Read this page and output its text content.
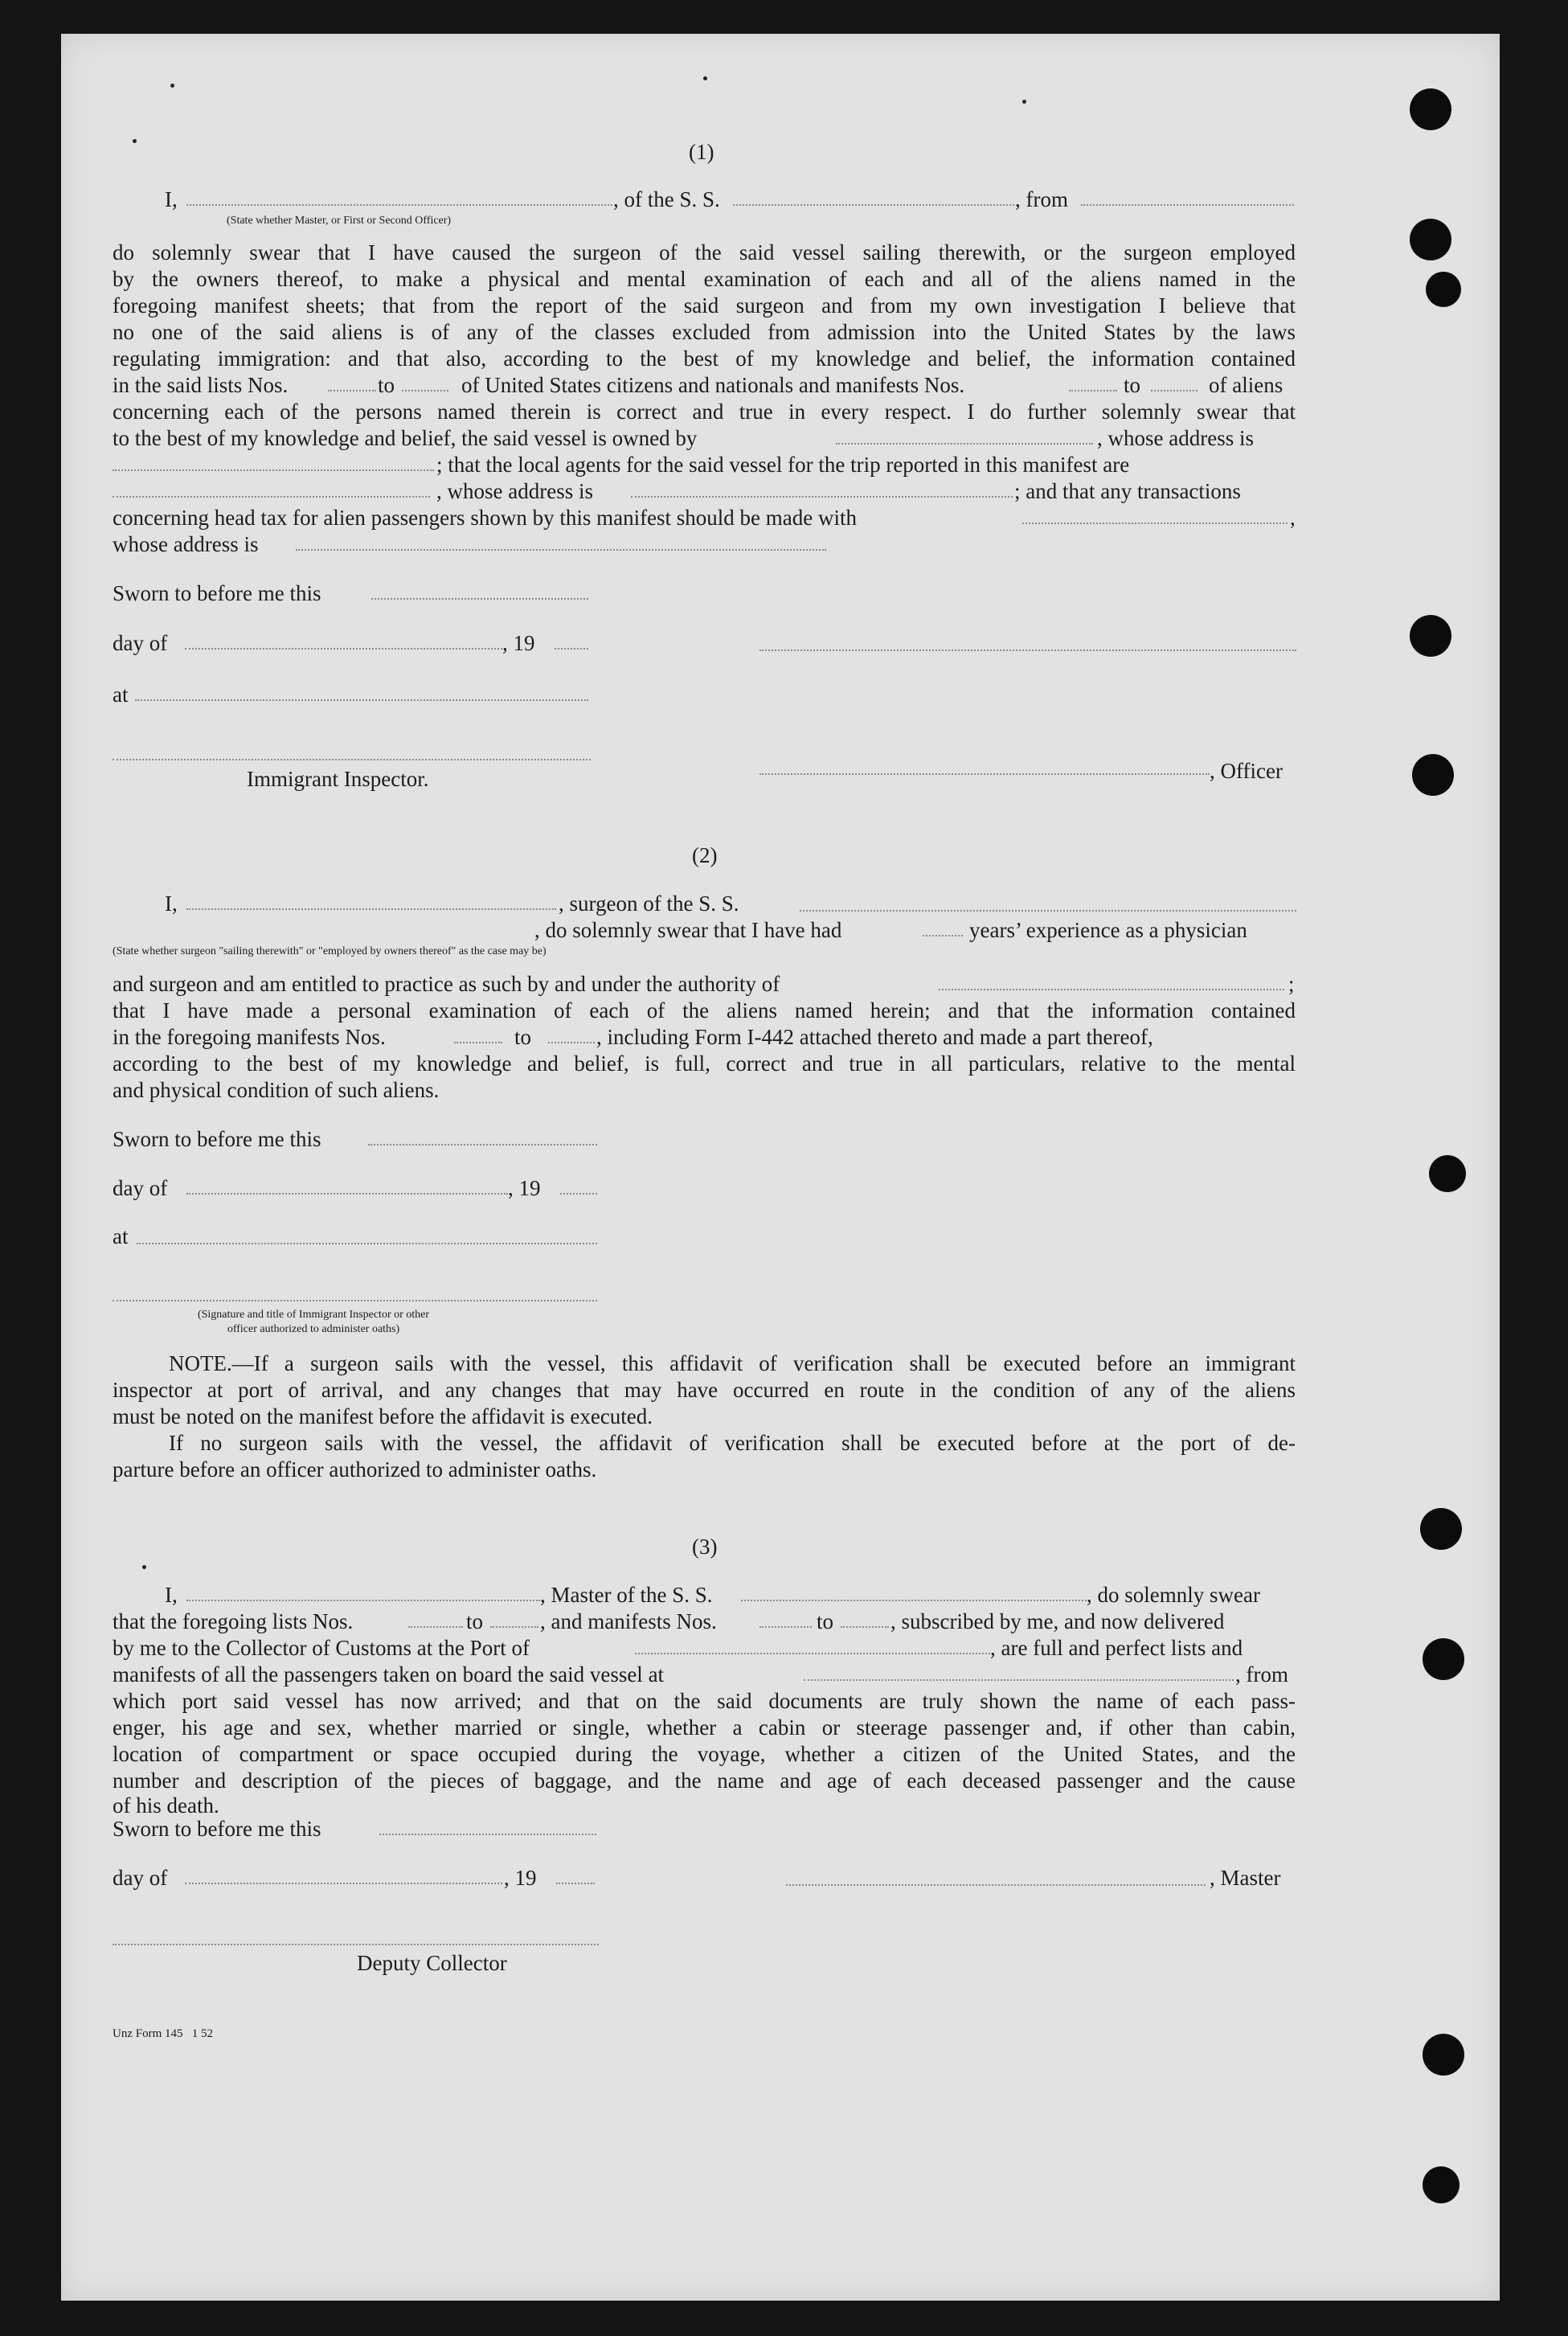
(1)
I,	, of the S. S.	, from
(State whether Master, or First or Second Officer)
do solemnly swear that I have caused the surgeon of the said vessel sailing therewith, or the surgeon employed
by the owners thereof, to make a physical and mental examination of each and all of the aliens named in the
foregoing manifest sheets; that from the report of the said surgeon and from my own investigation I believe that
no one of the said aliens is of any of the classes excluded from admission into the United States by the laws
regulating immigration: and that also, according to the best of my knowledge and belief, the information contained
in the said lists Nos.	to	of United States citizens and nationals and manifests Nos.	to	of aliens
concerning each of the persons named therein is correct and true in every respect. I do further solemnly swear that
to the best of my knowledge and belief, the said vessel is owned by	, whose address is
; that the local agents for the said vessel for the trip reported in this manifest are
, whose address is	; and that any transactions
concerning head tax for alien passengers shown by this manifest should be made with	,
whose address is
Sworn to before me this
day of	, 19
at
Immigrant Inspector.	, Officer
(2)
I,	, surgeon of the S. S.
, do solemnly swear that I have had	years’ experience as a physician
(State whether surgeon "sailing therewith" or "employed by owners thereof" as the case may be)
and surgeon and am entitled to practice as such by and under the authority of	;
that I have made a personal examination of each of the aliens named herein; and that the information contained
in the foregoing manifests Nos.	to	, including Form I-442 attached thereto and made a part thereof,
according to the best of my knowledge and belief, is full, correct and true in all particulars, relative to the mental
and physical condition of such aliens.
Sworn to before me this
day of	, 19
at
(Signature and title of Immigrant Inspector or other
officer authorized to administer oaths)
NOTE.—If a surgeon sails with the vessel, this affidavit of verification shall be executed before an immigrant
inspector at port of arrival, and any changes that may have occurred en route in the condition of any of the aliens
must be noted on the manifest before the affidavit is executed.
If no surgeon sails with the vessel, the affidavit of verification shall be executed before at the port of de-
parture before an officer authorized to administer oaths.
(3)
I,	, Master of the S. S.	, do solemnly swear
that the foregoing lists Nos.	to	, and manifests Nos.	to	, subscribed by me, and now delivered
by me to the Collector of Customs at the Port of	, are full and perfect lists and
manifests of all the passengers taken on board the said vessel at	, from
which port said vessel has now arrived; and that on the said documents are truly shown the name of each pass-
enger, his age and sex, whether married or single, whether a cabin or steerage passenger and, if other than cabin,
location of compartment or space occupied during the voyage, whether a citizen of the United States, and the
number and description of the pieces of baggage, and the name and age of each deceased passenger and the cause
of his death.
Sworn to before me this
day of	, 19	, Master
Deputy Collector
Unz Form 145   1 52
